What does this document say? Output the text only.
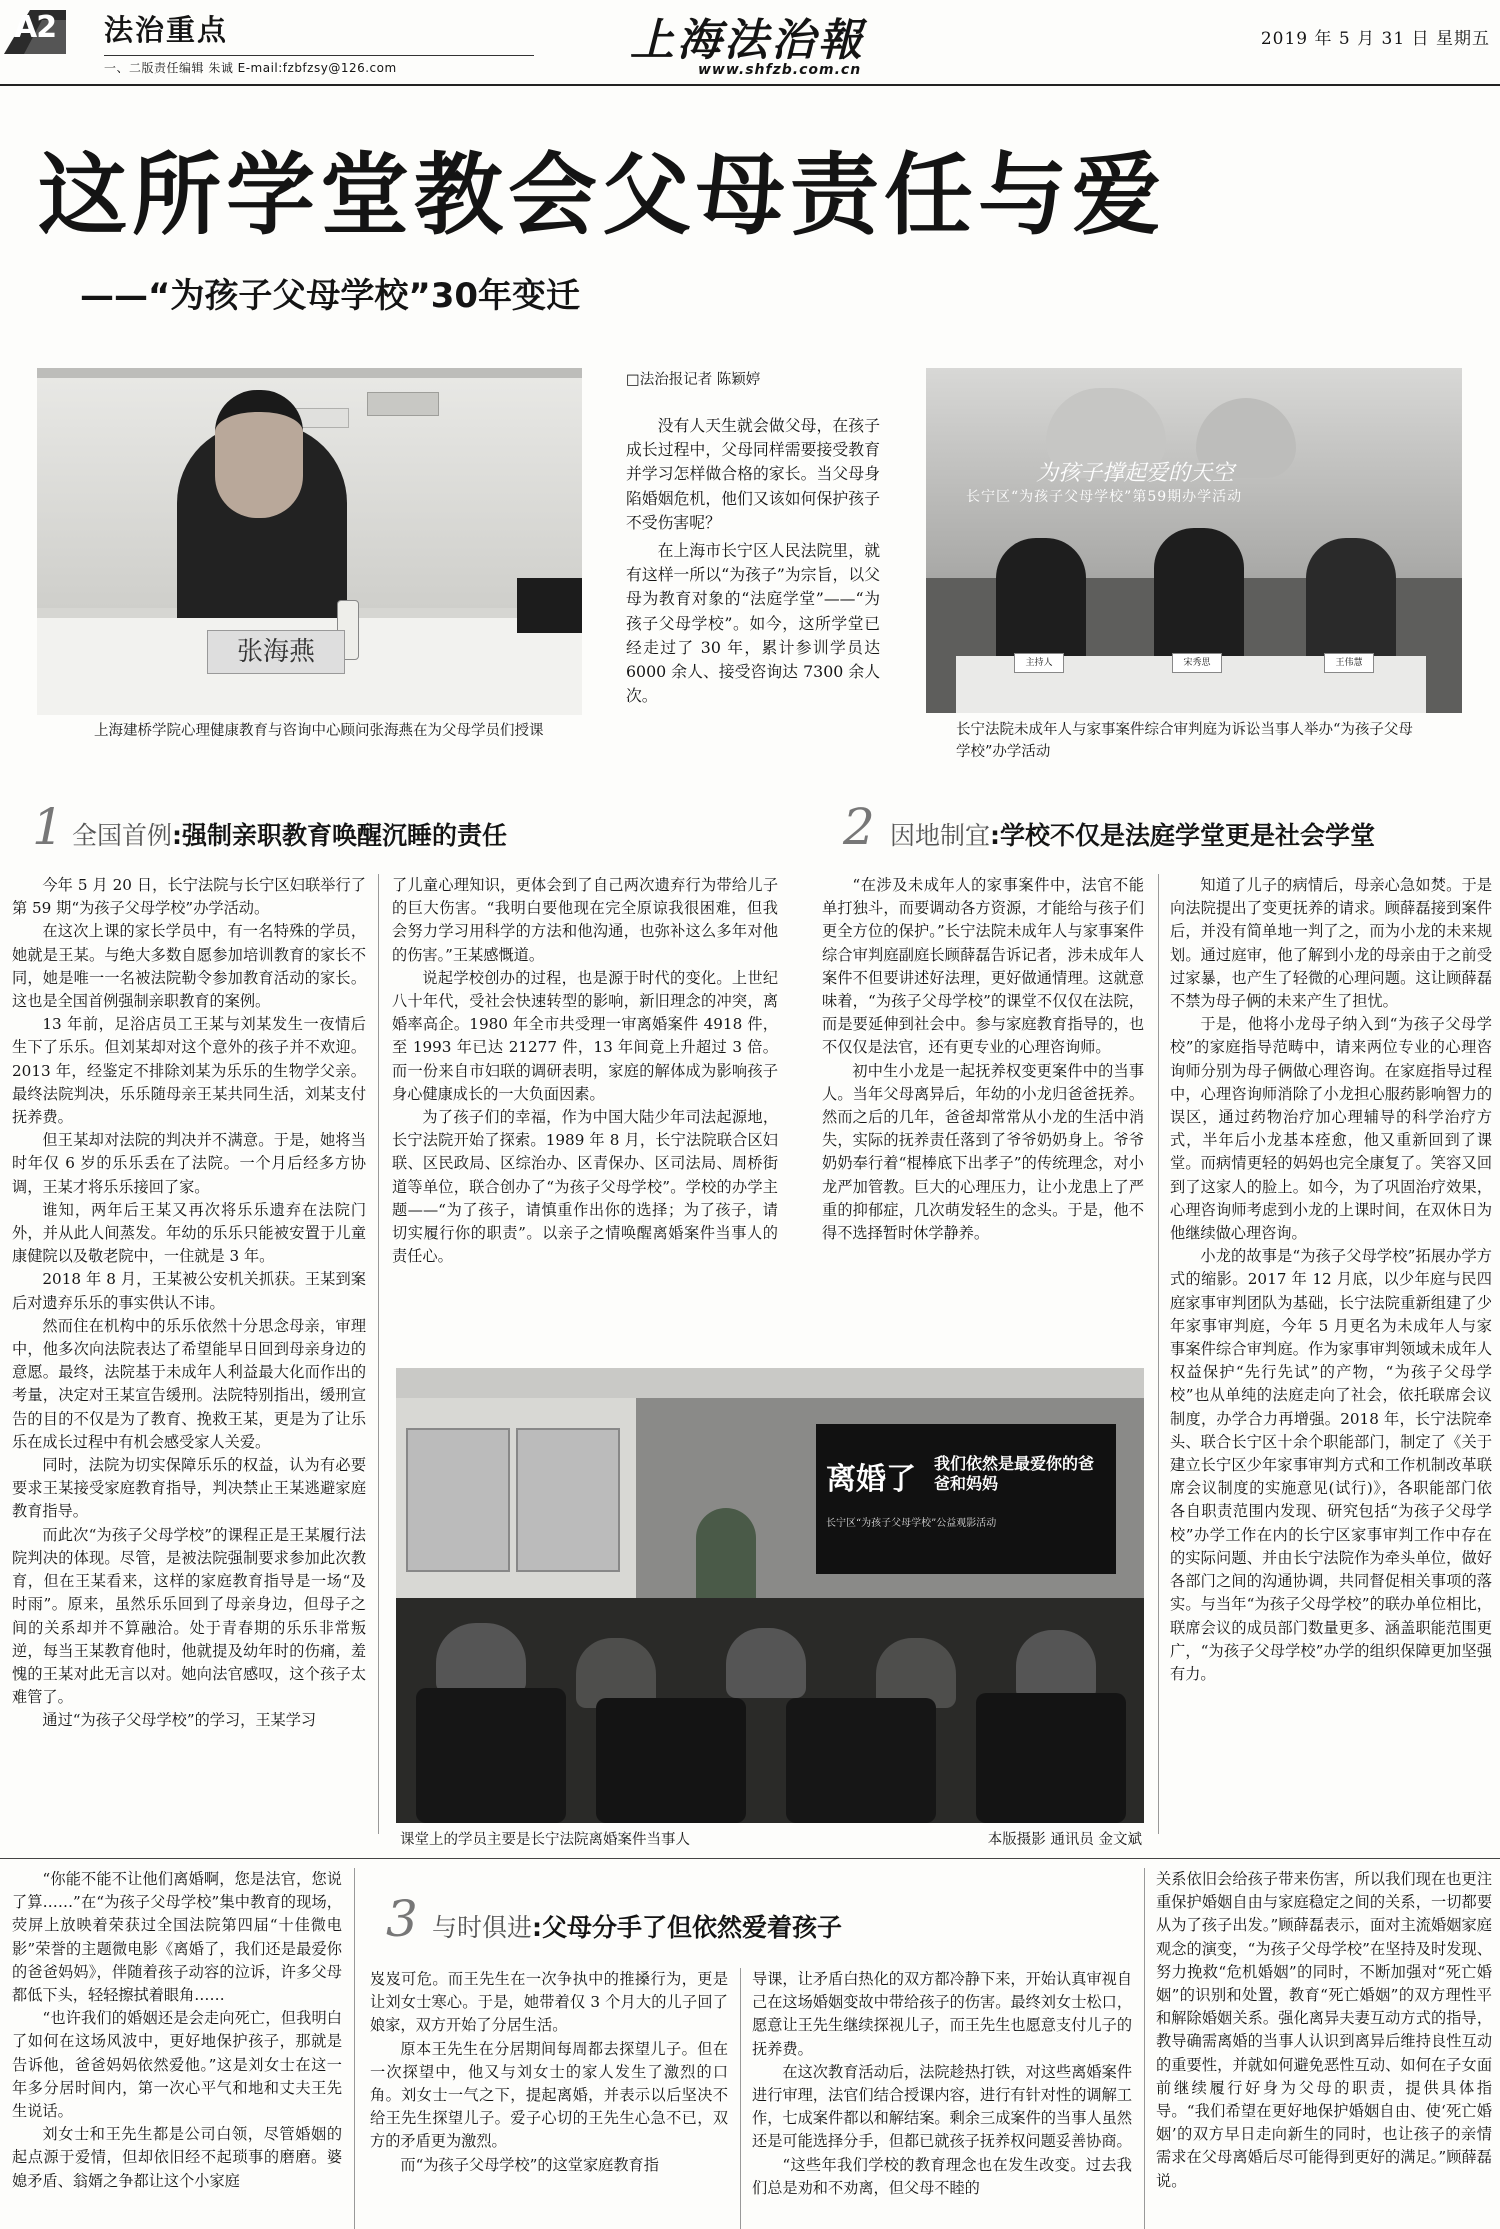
A2 法治重点
一、二版责任编辑 朱诚 E-mail:fzbfzsy@126.com
上海法治報
www.shfzb.com.cn
2019 年 5 月 31 日 星期五
这所学堂教会父母责任与爱
——“为孩子父母学校”30年变迁
张海燕
上海建桥学院心理健康教育与咨询中心顾问张海燕在为父母学员们授课
□法治报记者 陈颖婷

没有人天生就会做父母，在孩子成长过程中，父母同样需要接受教育并学习怎样做合格的家长。当父母身陷婚姻危机，他们又该如何保护孩子不受伤害呢？

在上海市长宁区人民法院里，就有这样一所以“为孩子”为宗旨，以父母为教育对象的“法庭学堂”——“为孩子父母学校”。如今，这所学堂已经走过了 30 年，累计参训学员达 6000 余人、接受咨询达 7300 余人次。

为孩子撑起爱的天空
长宁区“为孩子父母学校”第59期办学活动
主持人	宋秀思	王伟慧
长宁法院未成年人与家事案件综合审判庭为诉讼当事人举办“为孩子父母学校”办学活动
1 全国首例:强制亲职教育唤醒沉睡的责任	2 因地制宜:学校不仅是法庭学堂更是社会学堂

今年 5 月 20 日，长宁法院与长宁区妇联举行了第 59 期“为孩子父母学校”办学活动。

在这次上课的家长学员中，有一名特殊的学员，她就是王某。与绝大多数自愿参加培训教育的家长不同，她是唯一一名被法院勒令参加教育活动的家长。这也是全国首例强制亲职教育的案例。

13 年前，足浴店员工王某与刘某发生一夜情后生下了乐乐。但刘某却对这个意外的孩子并不欢迎。2013 年，经鉴定不排除刘某为乐乐的生物学父亲。最终法院判决，乐乐随母亲王某共同生活，刘某支付抚养费。

但王某却对法院的判决并不满意。于是，她将当时年仅 6 岁的乐乐丢在了法院。一个月后经多方协调，王某才将乐乐接回了家。

谁知，两年后王某又再次将乐乐遗弃在法院门外，并从此人间蒸发。年幼的乐乐只能被安置于儿童康健院以及敬老院中，一住就是 3 年。

2018 年 8 月，王某被公安机关抓获。王某到案后对遗弃乐乐的事实供认不讳。

然而住在机构中的乐乐依然十分思念母亲，审理中，他多次向法院表达了希望能早日回到母亲身边的意愿。最终，法院基于未成年人利益最大化而作出的考量，决定对王某宣告缓刑。法院特别指出，缓刑宣告的目的不仅是为了教育、挽救王某，更是为了让乐乐在成长过程中有机会感受家人关爱。

同时，法院为切实保障乐乐的权益，认为有必要要求王某接受家庭教育指导，判决禁止王某逃避家庭教育指导。

而此次“为孩子父母学校”的课程正是王某履行法院判决的体现。尽管，是被法院强制要求参加此次教育，但在王某看来，这样的家庭教育指导是一场“及时雨”。原来，虽然乐乐回到了母亲身边，但母子之间的关系却并不算融洽。处于青春期的乐乐非常叛逆，每当王某教育他时，他就提及幼年时的伤痛，羞愧的王某对此无言以对。她向法官感叹，这个孩子太难管了。

通过“为孩子父母学校”的学习，王某学习

了儿童心理知识，更体会到了自己两次遗弃行为带给儿子的巨大伤害。“我明白要他现在完全原谅我很困难，但我会努力学习用科学的方法和他沟通，也弥补这么多年对他的伤害。”王某感慨道。

说起学校创办的过程，也是源于时代的变化。上世纪八十年代，受社会快速转型的影响，新旧理念的冲突，离婚率高企。1980 年全市共受理一审离婚案件 4918 件，至 1993 年已达 21277 件，13 年间竟上升超过 3 倍。而一份来自市妇联的调研表明，家庭的解体成为影响孩子身心健康成长的一大负面因素。

为了孩子们的幸福，作为中国大陆少年司法起源地，长宁法院开始了探索。1989 年 8 月，长宁法院联合区妇联、区民政局、区综治办、区青保办、区司法局、周桥街道等单位，联合创办了“为孩子父母学校”。学校的办学主题——“为了孩子，请慎重作出你的选择；为了孩子，请切实履行你的职责”。以亲子之情唤醒离婚案件当事人的责任心。

“在涉及未成年人的家事案件中，法官不能单打独斗，而要调动各方资源，才能给与孩子们更全方位的保护。”长宁法院未成年人与家事案件综合审判庭副庭长顾薛磊告诉记者，涉未成年人案件不但要讲述好法理，更好做通情理。这就意味着，“为孩子父母学校”的课堂不仅仅在法院，而是要延伸到社会中。参与家庭教育指导的，也不仅仅是法官，还有更专业的心理咨询师。

初中生小龙是一起抚养权变更案件中的当事人。当年父母离异后，年幼的小龙归爸爸抚养。然而之后的几年，爸爸却常常从小龙的生活中消失，实际的抚养责任落到了爷爷奶奶身上。爷爷奶奶奉行着“棍棒底下出孝子”的传统理念，对小龙严加管教。巨大的心理压力，让小龙患上了严重的抑郁症，几次萌发轻生的念头。于是，他不得不选择暂时休学静养。

知道了儿子的病情后，母亲心急如焚。于是向法院提出了变更抚养的请求。顾薛磊接到案件后，并没有简单地一判了之，而为小龙的未来规划。通过庭审，他了解到小龙的母亲由于之前受过家暴，也产生了轻微的心理问题。这让顾薛磊不禁为母子俩的未来产生了担忧。

于是，他将小龙母子纳入到“为孩子父母学校”的家庭指导范畴中，请来两位专业的心理咨询师分别为母子俩做心理咨询。在家庭指导过程中，心理咨询师消除了小龙担心服药影响智力的误区，通过药物治疗加心理辅导的科学治疗方式，半年后小龙基本痊愈，他又重新回到了课堂。而病情更轻的妈妈也完全康复了。笑容又回到了这家人的脸上。如今，为了巩固治疗效果，心理咨询师考虑到小龙的上课时间，在双休日为他继续做心理咨询。

小龙的故事是“为孩子父母学校”拓展办学方式的缩影。2017 年 12 月底，以少年庭与民四庭家事审判团队为基础，长宁法院重新组建了少年家事审判庭，今年 5 月更名为未成年人与家事案件综合审判庭。作为家事审判领域未成年人权益保护“先行先试”的产物，“为孩子父母学校”也从单纯的法庭走向了社会，依托联席会议制度，办学合力再增强。2018 年，长宁法院牵头、联合长宁区十余个职能部门，制定了《关于建立长宁区少年家事审判方式和工作机制改革联席会议制度的实施意见(试行)》，各职能部门依各自职责范围内发现、研究包括“为孩子父母学校”办学工作在内的长宁区家事审判工作中存在的实际问题、并由长宁法院作为牵头单位，做好各部门之间的沟通协调，共同督促相关事项的落实。与当年“为孩子父母学校”的联办单位相比，联席会议的成员部门数量更多、涵盖职能范围更广，“为孩子父母学校”办学的组织保障更加坚强有力。

离婚了 我们依然是最爱你的爸爸和妈妈
长宁区“为孩子父母学校”公益观影活动
课堂上的学员主要是长宁法院离婚案件当事人	本版摄影 通讯员 金文斌

“你能不能不让他们离婚啊，您是法官，您说了算……”在“为孩子父母学校”集中教育的现场，荧屏上放映着荣获过全国法院第四届“十佳微电影”荣誉的主题微电影《离婚了，我们还是最爱你的爸爸妈妈》，伴随着孩子动容的泣诉，许多父母都低下头，轻轻擦拭着眼角……

“也许我们的婚姻还是会走向死亡，但我明白了如何在这场风波中，更好地保护孩子，那就是告诉他，爸爸妈妈依然爱他。”这是刘女士在这一年多分居时间内，第一次心平气和地和丈夫王先生说话。

刘女士和王先生都是公司白领，尽管婚姻的起点源于爱情，但却依旧经不起琐事的磨磨。婆媳矛盾、翁婿之争都让这个小家庭

3 与时俱进:父母分手了但依然爱着孩子

岌岌可危。而王先生在一次争执中的推搡行为，更是让刘女士寒心。于是，她带着仅 3 个月大的儿子回了娘家，双方开始了分居生活。

原本王先生在分居期间每周都去探望儿子。但在一次探望中，他又与刘女士的家人发生了激烈的口角。刘女士一气之下，提起离婚，并表示以后坚决不给王先生探望儿子。爱子心切的王先生心急不已，双方的矛盾更为激烈。

而“为孩子父母学校”的这堂家庭教育指

导课，让矛盾白热化的双方都冷静下来，开始认真审视自己在这场婚姻变故中带给孩子的伤害。最终刘女士松口，愿意让王先生继续探视儿子，而王先生也愿意支付儿子的抚养费。

在这次教育活动后，法院趁热打铁，对这些离婚案件进行审理，法官们结合授课内容，进行有针对性的调解工作，七成案件都以和解结案。剩余三成案件的当事人虽然还是可能选择分手，但都已就孩子抚养权问题妥善协商。

“这些年我们学校的教育理念也在发生改变。过去我们总是劝和不劝离，但父母不睦的

关系依旧会给孩子带来伤害，所以我们现在也更注重保护婚姻自由与家庭稳定之间的关系，一切都要从为了孩子出发。”顾薛磊表示，面对主流婚姻家庭观念的演变，“为孩子父母学校”在坚持及时发现、努力挽救“危机婚姻”的同时，不断加强对“死亡婚姻”的识别和处置，教育“死亡婚姻”的双方理性平和解除婚姻关系。强化离异夫妻互动方式的指导，教导确需离婚的当事人认识到离异后维持良性互动的重要性，并就如何避免恶性互动、如何在子女面前继续履行好身为父母的职责，提供具体指导。“我们希望在更好地保护婚姻自由、使‘死亡婚姻’的双方早日走向新生的同时，也让孩子的亲情需求在父母离婚后尽可能得到更好的满足。”顾薛磊说。
